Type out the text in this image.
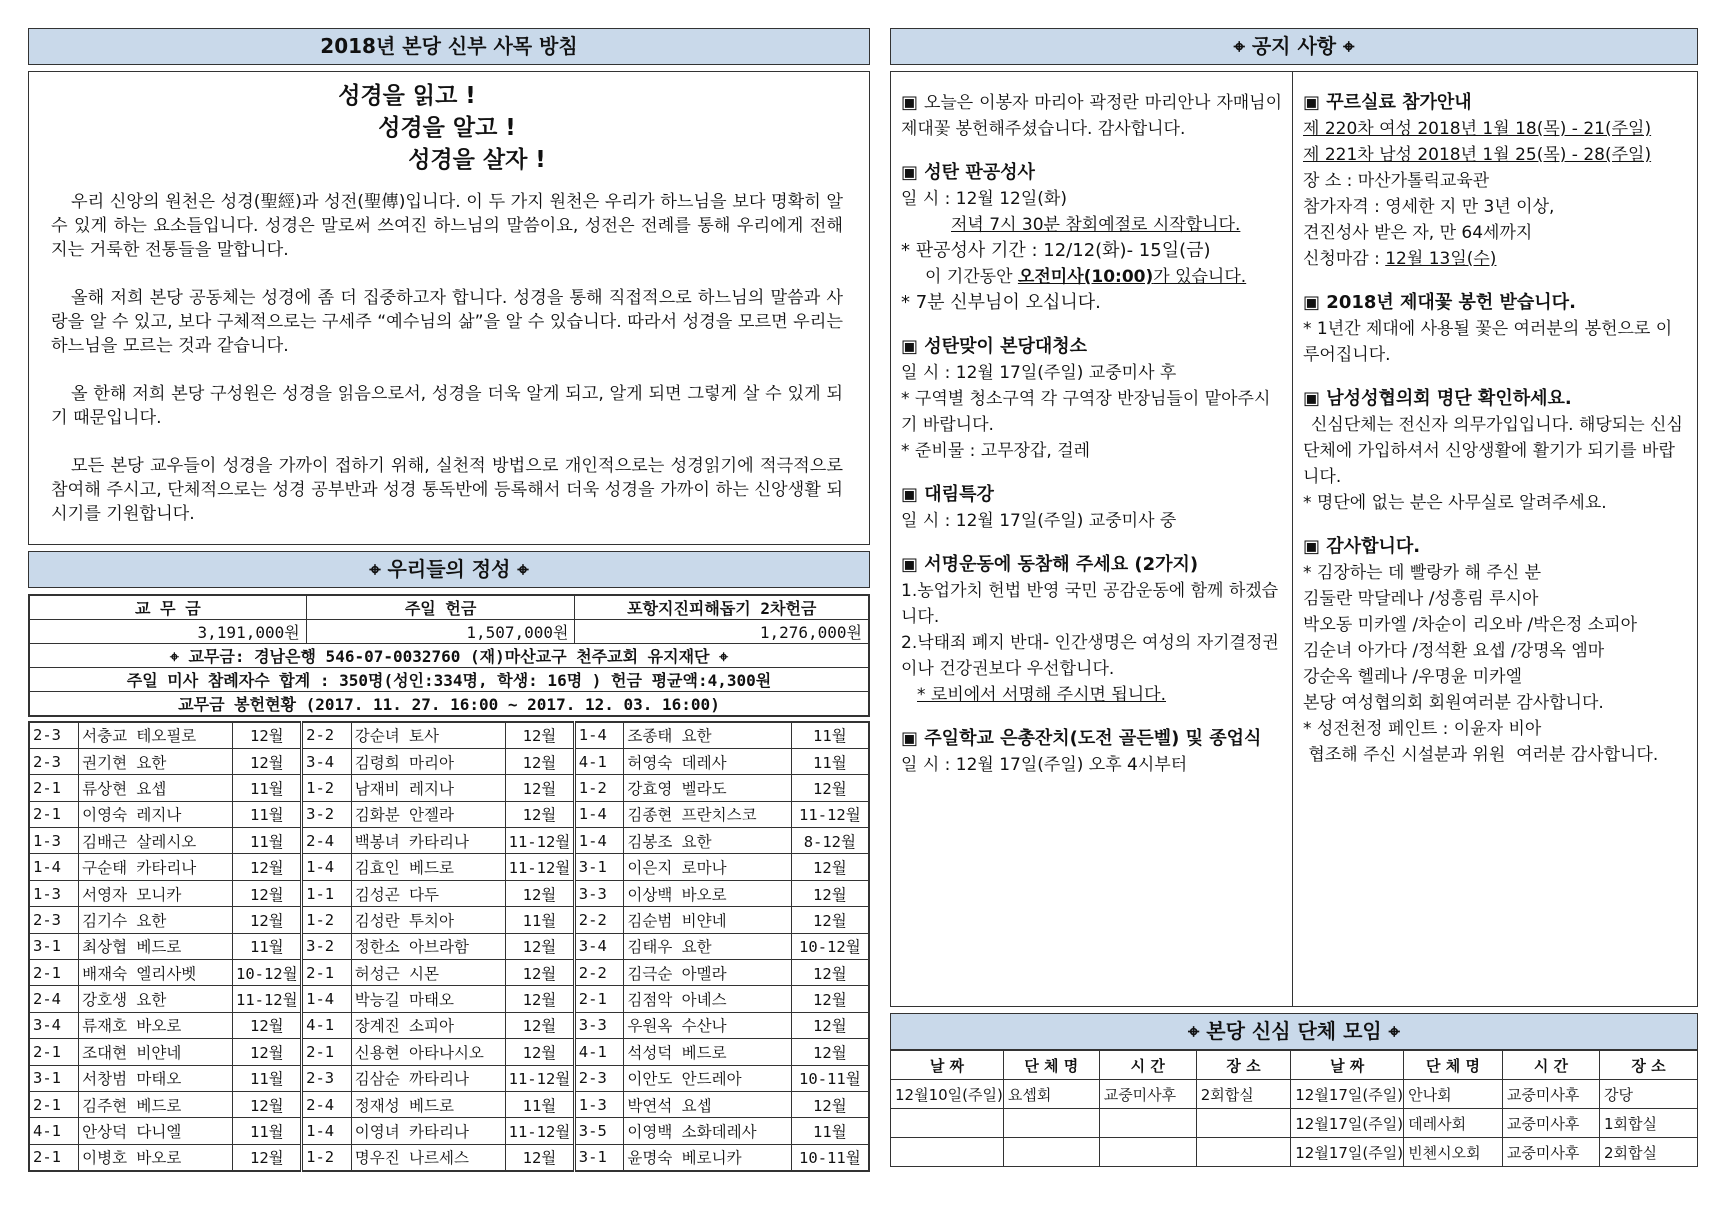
2018년 본당 신부 사목 방침
성경을 읽고 !
성경을 알고 !
성경을 살자 !

우리 신앙의 원천은 성경(聖經)과 성전(聖傳)입니다. 이 두 가지 원천은 우리가 하느님을 보다 명확히 알 수 있게 하는 요소들입니다. 성경은 말로써 쓰여진 하느님의 말씀이요, 성전은 전례를 통해 우리에게 전해지는 거룩한 전통들을 말합니다.

올해 저희 본당 공동체는 성경에 좀 더 집중하고자 합니다. 성경을 통해 직접적으로 하느님의 말씀과 사랑을 알 수 있고, 보다 구체적으로는 구세주 “예수님의 삶”을 알 수 있습니다. 따라서 성경을 모르면 우리는 하느님을 모르는 것과 같습니다.

올 한해 저희 본당 구성원은 성경을 읽음으로서, 성경을 더욱 알게 되고, 알게 되면 그렇게 살 수 있게 되기 때문입니다.

모든 본당 교우들이 성경을 가까이 접하기 위해, 실천적 방법으로 개인적으로는 성경읽기에 적극적으로 참여해 주시고, 단체적으로는 성경 공부반과 성경 통독반에 등록해서 더욱 성경을 가까이 하는 신앙생활 되시기를 기원합니다.

⌖ 우리들의 정성 ⌖
교 무 금	주일 헌금	포항지진피해돕기 2차헌금
3,191,000원	1,507,000원	1,276,000원
⌖ 교무금: 경남은행 546-07-0032760 (재)마산교구 천주교회 유지재단 ⌖		
주일 미사 참례자수 합계 : 350명(성인:334명, 학생: 16명 ) 헌금 평균액:4,300원		
교무금 봉헌현황 (2017. 11. 27. 16:00 ~ 2017. 12. 03. 16:00)		
2-3	서충교 테오필로	12월	2-2	강순녀 토사	12월	1-4	조종태 요한	11월
2-3	권기현 요한	12월	3-4	김령희 마리아	12월	4-1	허영숙 데레사	11월
2-1	류상현 요셉	11월	1-2	남재비 레지나	12월	1-2	강효영 벨라도	12월
2-1	이영숙 레지나	11월	3-2	김화분 안젤라	12월	1-4	김종현 프란치스코	11-12월
1-3	김배근 살레시오	11월	2-4	백봉녀 카타리나	11-12월	1-4	김봉조 요한	8-12월
1-4	구순태 카타리나	12월	1-4	김효인 베드로	11-12월	3-1	이은지 로마나	12월
1-3	서영자 모니카	12월	1-1	김성곤 다두	12월	3-3	이상백 바오로	12월
2-3	김기수 요한	12월	1-2	김성란 투치아	11월	2-2	김순범 비얀네	12월
3-1	최상협 베드로	11월	3-2	정한소 아브라함	12월	3-4	김태우 요한	10-12월
2-1	배재숙 엘리사벳	10-12월	2-1	허성근 시몬	12월	2-2	김극순 아멜라	12월
2-4	강호생 요한	11-12월	1-4	박능길 마태오	12월	2-1	김점악 아녜스	12월
3-4	류재호 바오로	12월	4-1	장계진 소피아	12월	3-3	우원옥 수산나	12월
2-1	조대현 비얀네	12월	2-1	신용현 아타나시오	12월	4-1	석성덕 베드로	12월
3-1	서창범 마태오	11월	2-3	김삼순 까타리나	11-12월	2-3	이안도 안드레아	10-11월
2-1	김주현 베드로	12월	2-4	정재성 베드로	11월	1-3	박연석 요셉	12월
4-1	안상덕 다니엘	11월	1-4	이영녀 카타리나	11-12월	3-5	이영백 소화데레사	11월
2-1	이병호 바오로	12월	1-2	명우진 나르세스	12월	3-1	윤명숙 베로니카	10-11월
⌖ 공지 사항 ⌖
▣ 오늘은 이봉자 마리아 곽정란 마리안나 자매님이 제대꽃 봉헌해주셨습니다. 감사합니다.
▣ 성탄 판공성사
일 시 : 12월 12일(화)
저녁 7시 30분 참회예절로 시작합니다.
* 판공성사 기간 : 12/12(화)- 15일(금)
이 기간동안 오전미사(10:00)가 있습니다.
* 7분 신부님이 오십니다.
▣ 성탄맞이 본당대청소
일 시 : 12월 17일(주일) 교중미사 후
* 구역별 청소구역 각 구역장 반장님들이 맡아주시기 바랍니다.
* 준비물 : 고무장갑, 걸레
▣ 대림특강
일 시 : 12월 17일(주일) 교중미사 중
▣ 서명운동에 동참해 주세요 (2가지)
1.농업가치 헌법 반영 국민 공감운동에 함께 하겠습니다.
2.낙태죄 폐지 반대- 인간생명은 여성의 자기결정권이나 건강권보다 우선합니다.
* 로비에서 서명해 주시면 됩니다.
▣ 주일학교 은총잔치(도전 골든벨) 및 종업식
일 시 : 12월 17일(주일) 오후 4시부터
▣ 꾸르실료 참가안내
제 220차 여성 2018년 1월 18(목) - 21(주일)
제 221차 남성 2018년 1월 25(목) - 28(주일)
장 소 : 마산가톨릭교육관
참가자격 : 영세한 지 만 3년 이상,
견진성사 받은 자, 만 64세까지
신청마감 : 12월 13일(수)
▣ 2018년 제대꽃 봉헌 받습니다.
* 1년간 제대에 사용될 꽃은 여러분의 봉헌으로 이루어집니다.
▣ 남성성협의회 명단 확인하세요.
신심단체는 전신자 의무가입입니다. 해당되는 신심단체에 가입하셔서 신앙생활에 활기가 되기를 바랍니다.
* 명단에 없는 분은 사무실로 알려주세요.
▣ 감사합니다.
* 김장하는 데 빨랑카 해 주신 분
김둘란 막달레나 /성흥림 루시아
박오동 미카엘 /차순이 리오바 /박은정 소피아
김순녀 아가다 /정석환 요셉 /강명옥 엠마
강순옥 헬레나 /우명윤 미카엘
본당 여성협의회 회원여러분 감사합니다.
* 성전천정 페인트 : 이윤자 비아
협조해 주신 시설분과 위원  여러분 감사합니다.
⌖ 본당 신심 단체 모임 ⌖
날 짜	단 체 명	시 간	장 소	날 짜	단 체 명	시 간	장 소
12월10일(주일)	요셉회	교중미사후	2회합실	12월17일(주일)	안나회	교중미사후	강당
				12월17일(주일)	데레사회	교중미사후	1회합실
				12월17일(주일)	빈첸시오회	교중미사후	2회합실
